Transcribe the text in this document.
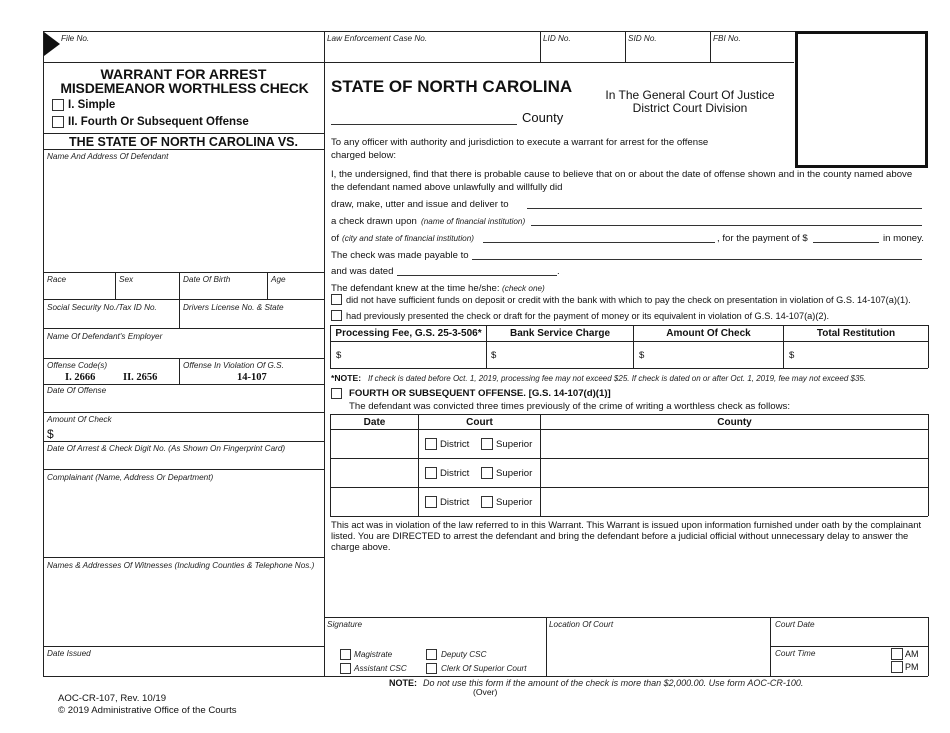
File No.	Law Enforcement Case No.	LID No.	SID No.	FBI No.
WARRANT FOR ARREST
MISDEMEANOR WORTHLESS CHECK
I. Simple
II. Fourth Or Subsequent Offense
STATE OF NORTH CAROLINA
County
In The General Court Of Justice
District Court Division
THE STATE OF NORTH CAROLINA VS.
Name And Address Of Defendant
Race	Sex	Date Of Birth	Age
Social Security No./Tax ID No.	Drivers License No. & State
Name Of Defendant's Employer
Offense Code(s)
I. 2666	II. 2656
Offense In Violation Of G.S.
14-107
Date Of Offense
Amount Of Check
$
Date Of Arrest & Check Digit No. (As Shown On Fingerprint Card)
Complainant (Name, Address Or Department)
Names & Addresses Of Witnesses (Including Counties & Telephone Nos.)
Date Issued
To any officer with authority and jurisdiction to execute a warrant for arrest for the offense
charged below:
I, the undersigned, find that there is probable cause to believe that on or about the date of offense shown and in the county named above
the defendant named above unlawfully and willfully did
draw, make, utter and issue and deliver to
a check drawn upon (name of financial institution)
of (city and state of financial institution)	, for the payment of $	in money.
The check was made payable to
and was dated	.
The defendant knew at the time he/she: (check one)
did not have sufficient funds on deposit or credit with the bank with which to pay the check on presentation in violation of G.S. 14-107(a)(1).
had previously presented the check or draft for the payment of money or its equivalent in violation of G.S. 14-107(a)(2).
Processing Fee, G.S. 25-3-506*	Bank Service Charge	Amount Of Check	Total Restitution
$	$	$	$
*NOTE: If check is dated before Oct. 1, 2019, processing fee may not exceed $25. If check is dated on or after Oct. 1, 2019, fee may not exceed $35.
FOURTH OR SUBSEQUENT OFFENSE. [G.S. 14-107(d)(1)]
The defendant was convicted three times previously of the crime of writing a worthless check as follows:
Date	Court	County
District	Superior
District	Superior
District	Superior
This act was in violation of the law referred to in this Warrant. This Warrant is issued upon information furnished under oath by the complainant listed. You are DIRECTED to arrest the defendant and bring the defendant before a judicial official without unnecessary delay to answer the charge above.
Signature	Location Of Court	Court Date
Court Time
Magistrate	Deputy CSC
Assistant CSC	Clerk Of Superior Court
AM
PM
NOTE: Do not use this form if the amount of the check is more than $2,000.00. Use form AOC-CR-100.
(Over)
AOC-CR-107, Rev. 10/19
© 2019 Administrative Office of the Courts
